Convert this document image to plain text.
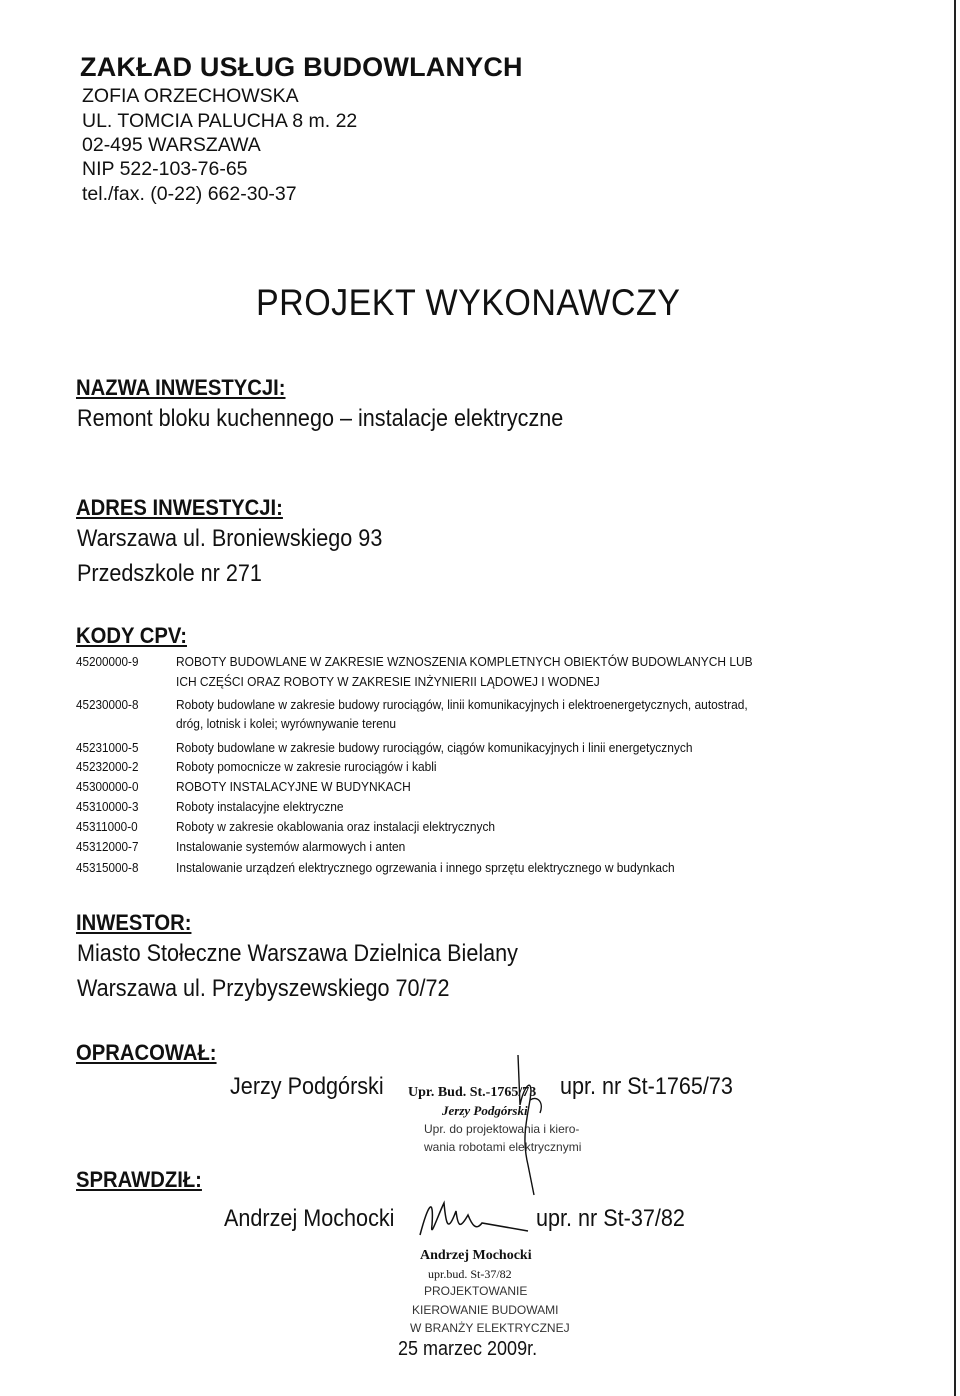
ZAKŁAD USŁUG BUDOWLANYCH
ZOFIA ORZECHOWSKA
UL. TOMCIA PALUCHA 8 m. 22
02-495 WARSZAWA
NIP 522-103-76-65
tel./fax. (0-22) 662-30-37
PROJEKT WYKONAWCZY
NAZWA INWESTYCJI:
Remont bloku kuchennego – instalacje elektryczne
ADRES INWESTYCJI:
Warszawa ul. Broniewskiego 93
Przedszkole nr 271
KODY CPV:
45200000-9	ROBOTY BUDOWLANE W ZAKRESIE WZNOSZENIA KOMPLETNYCH OBIEKTÓW BUDOWLANYCH LUB
ICH CZĘŚCI ORAZ ROBOTY W ZAKRESIE INŻYNIERII LĄDOWEJ I WODNEJ
45230000-8	Roboty budowlane w zakresie budowy rurociągów, linii komunikacyjnych i elektroenergetycznych, autostrad,
dróg, lotnisk i kolei; wyrównywanie terenu
45231000-5	Roboty budowlane w zakresie budowy rurociągów, ciągów komunikacyjnych i linii energetycznych
45232000-2	Roboty pomocnicze w zakresie rurociągów i kabli
45300000-0	ROBOTY INSTALACYJNE W BUDYNKACH
45310000-3	Roboty instalacyjne elektryczne
45311000-0	Roboty w zakresie okablowania oraz instalacji elektrycznych
45312000-7	Instalowanie systemów alarmowych i anten
45315000-8	Instalowanie urządzeń elektrycznego ogrzewania i innego sprzętu elektrycznego w budynkach
INWESTOR:
Miasto Stołeczne Warszawa Dzielnica Bielany
Warszawa ul. Przybyszewskiego 70/72
OPRACOWAŁ:
Jerzy Podgórski	upr. nr St-1765/73
Upr. Bud. St.-1765/73
Jerzy Podgórski
Upr. do projektowania i kiero-
wania robotami elektrycznymi
SPRAWDZIŁ:
Andrzej Mochocki	upr. nr St-37/82
Andrzej Mochocki
upr.bud. St-37/82
PROJEKTOWANIE
KIEROWANIE BUDOWAMI
W BRANŻY ELEKTRYCZNEJ
25 marzec 2009r.
